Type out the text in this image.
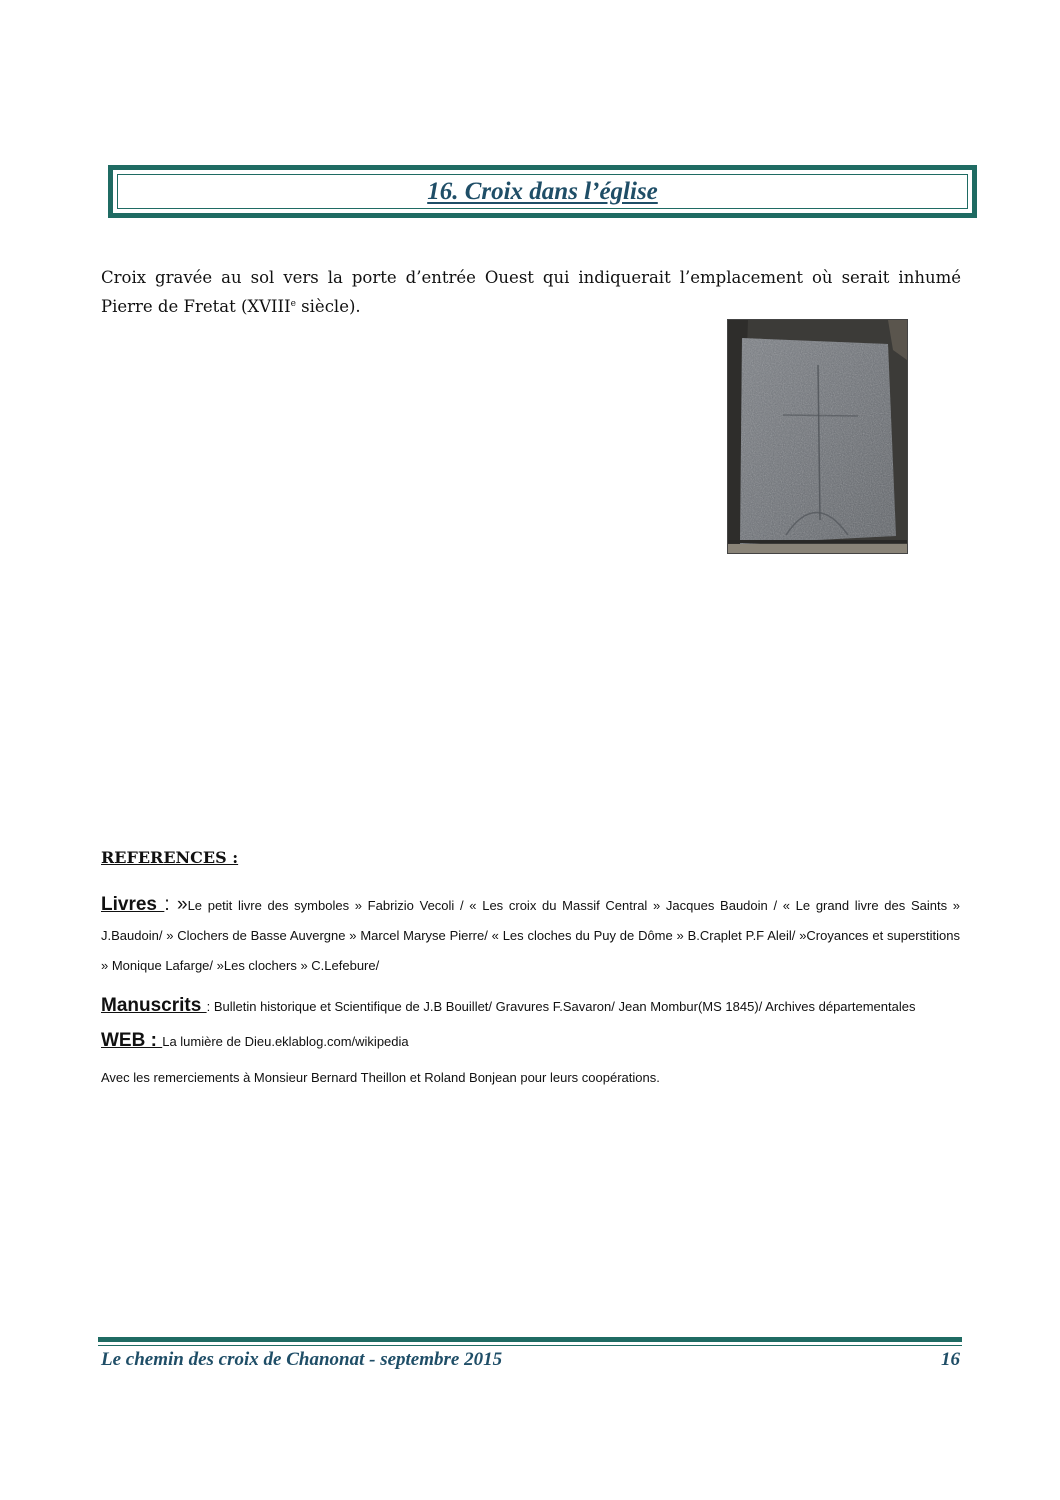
16. Croix dans l’église

Croix gravée au sol vers la porte d’entrée Ouest qui indiquerait l’emplacement où serait inhumé Pierre de Fretat (XVIIIe siècle).

REFERENCES :
Livres : »Le petit livre des symboles » Fabrizio Vecoli / « Les croix du Massif Central » Jacques Baudoin / « Le grand livre des Saints » J.Baudoin/ » Clochers de Basse Auvergne » Marcel Maryse Pierre/ « Les cloches du Puy de Dôme » B.Craplet P.F Aleil/ »Croyances et superstitions » Monique Lafarge/ »Les clochers » C.Lefebure/
Manuscrits : Bulletin historique et Scientifique de J.B Bouillet/ Gravures F.Savaron/ Jean Mombur(MS 1845)/ Archives départementales
WEB : La lumière de Dieu.eklablog.com/wikipedia
Avec les remerciements à Monsieur Bernard Theillon et Roland Bonjean pour leurs coopérations.
Le chemin des croix de Chanonat - septembre 2015	16
